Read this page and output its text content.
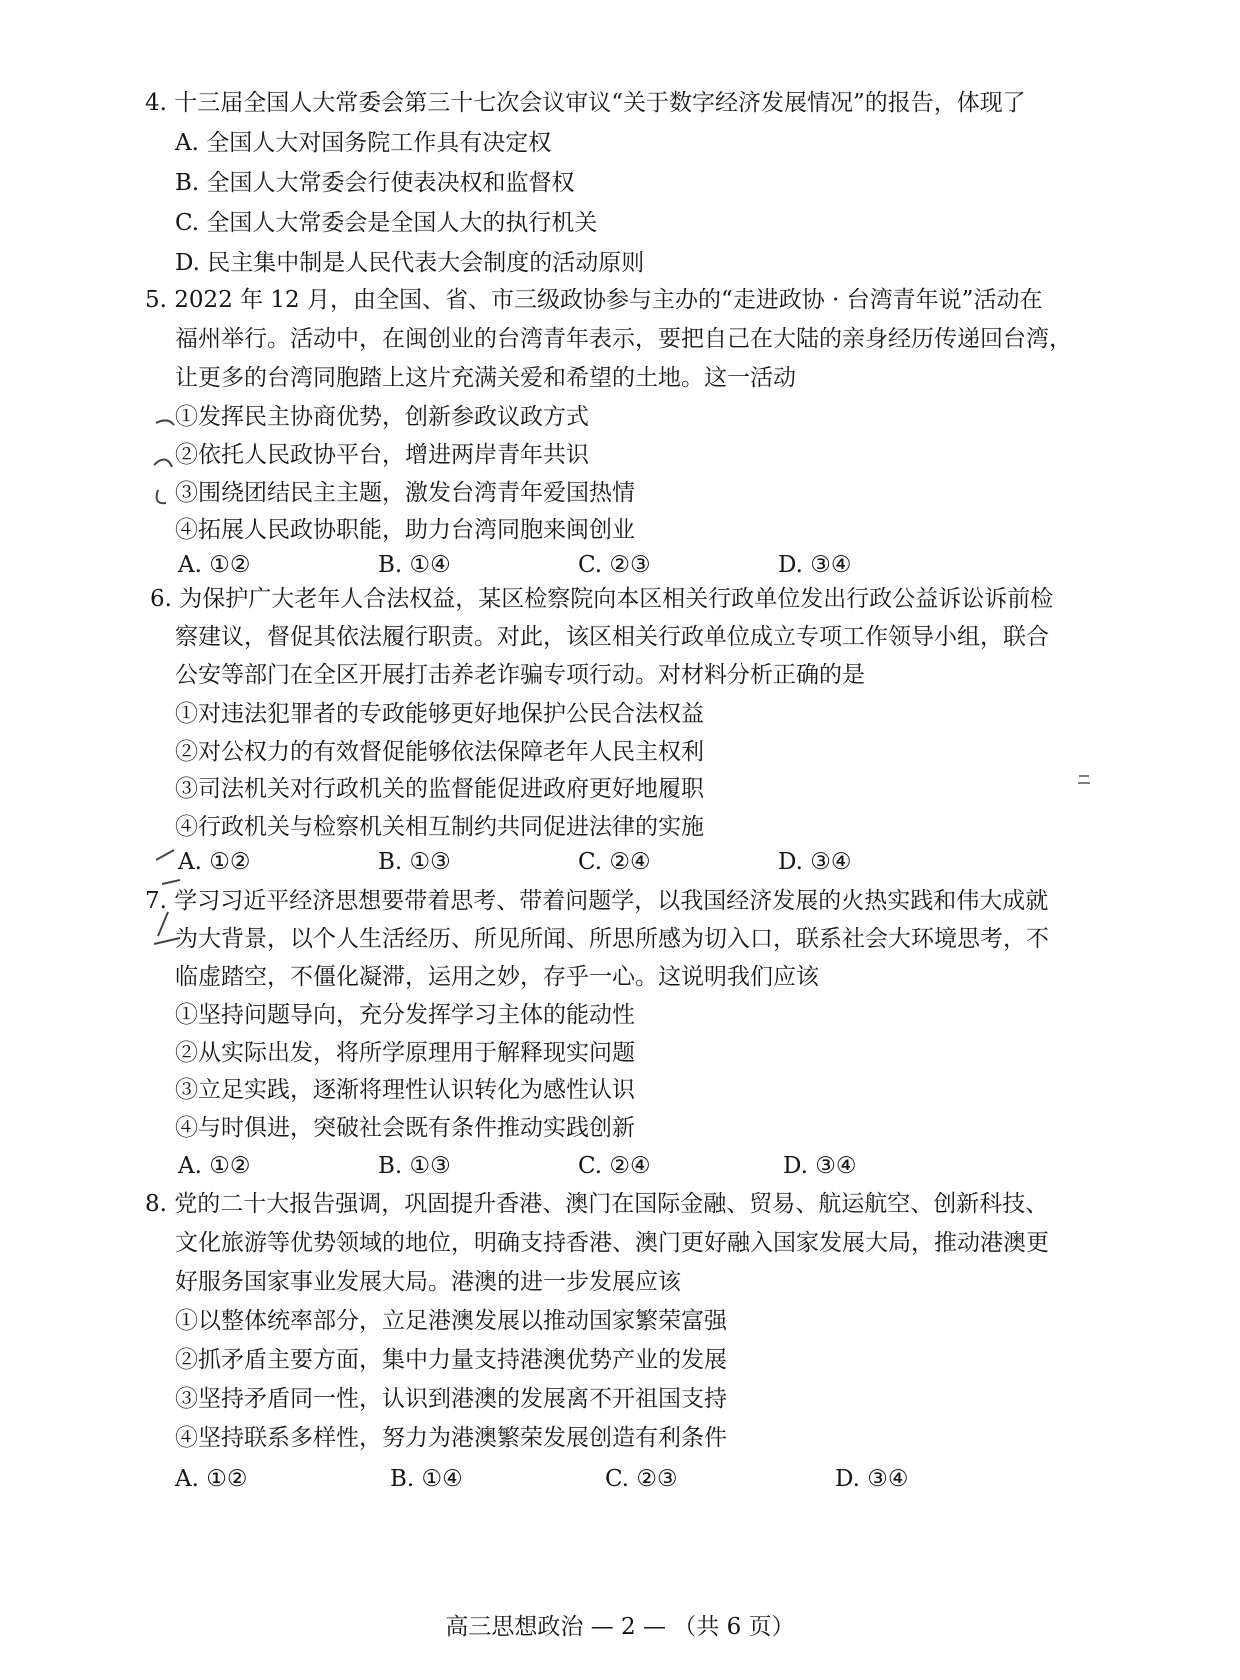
4. 十三届全国人大常委会第三十七次会议审议“关于数字经济发展情况”的报告，体现了
A. 全国人大对国务院工作具有决定权
B. 全国人大常委会行使表决权和监督权
C. 全国人大常委会是全国人大的执行机关
D. 民主集中制是人民代表大会制度的活动原则
5. 2022 年 12 月，由全国、省、市三级政协参与主办的“走进政协 · 台湾青年说”活动在
福州举行。活动中，在闽创业的台湾青年表示，要把自己在大陆的亲身经历传递回台湾，
让更多的台湾同胞踏上这片充满关爱和希望的土地。这一活动
①发挥民主协商优势，创新参政议政方式
②依托人民政协平台，增进两岸青年共识
③围绕团结民主主题，激发台湾青年爱国热情
④拓展人民政协职能，助力台湾同胞来闽创业
A. ①②	B. ①④	C. ②③	D. ③④
6. 为保护广大老年人合法权益，某区检察院向本区相关行政单位发出行政公益诉讼诉前检
察建议，督促其依法履行职责。对此，该区相关行政单位成立专项工作领导小组，联合
公安等部门在全区开展打击养老诈骗专项行动。对材料分析正确的是
①对违法犯罪者的专政能够更好地保护公民合法权益
②对公权力的有效督促能够依法保障老年人民主权利
③司法机关对行政机关的监督能促进政府更好地履职
④行政机关与检察机关相互制约共同促进法律的实施
A. ①②	B. ①③	C. ②④	D. ③④
7. 学习习近平经济思想要带着思考、带着问题学，以我国经济发展的火热实践和伟大成就
为大背景，以个人生活经历、所见所闻、所思所感为切入口，联系社会大环境思考，不
临虚踏空，不僵化凝滞，运用之妙，存乎一心。这说明我们应该
①坚持问题导向，充分发挥学习主体的能动性
②从实际出发，将所学原理用于解释现实问题
③立足实践，逐渐将理性认识转化为感性认识
④与时俱进，突破社会既有条件推动实践创新
A. ①②	B. ①③	C. ②④	D. ③④
8. 党的二十大报告强调，巩固提升香港、澳门在国际金融、贸易、航运航空、创新科技、
文化旅游等优势领域的地位，明确支持香港、澳门更好融入国家发展大局，推动港澳更
好服务国家事业发展大局。港澳的进一步发展应该
①以整体统率部分，立足港澳发展以推动国家繁荣富强
②抓矛盾主要方面，集中力量支持港澳优势产业的发展
③坚持矛盾同一性，认识到港澳的发展离不开祖国支持
④坚持联系多样性，努力为港澳繁荣发展创造有利条件
A. ①②	B. ①④	C. ②③	D. ③④
高三思想政治 — 2 — （共 6 页）
